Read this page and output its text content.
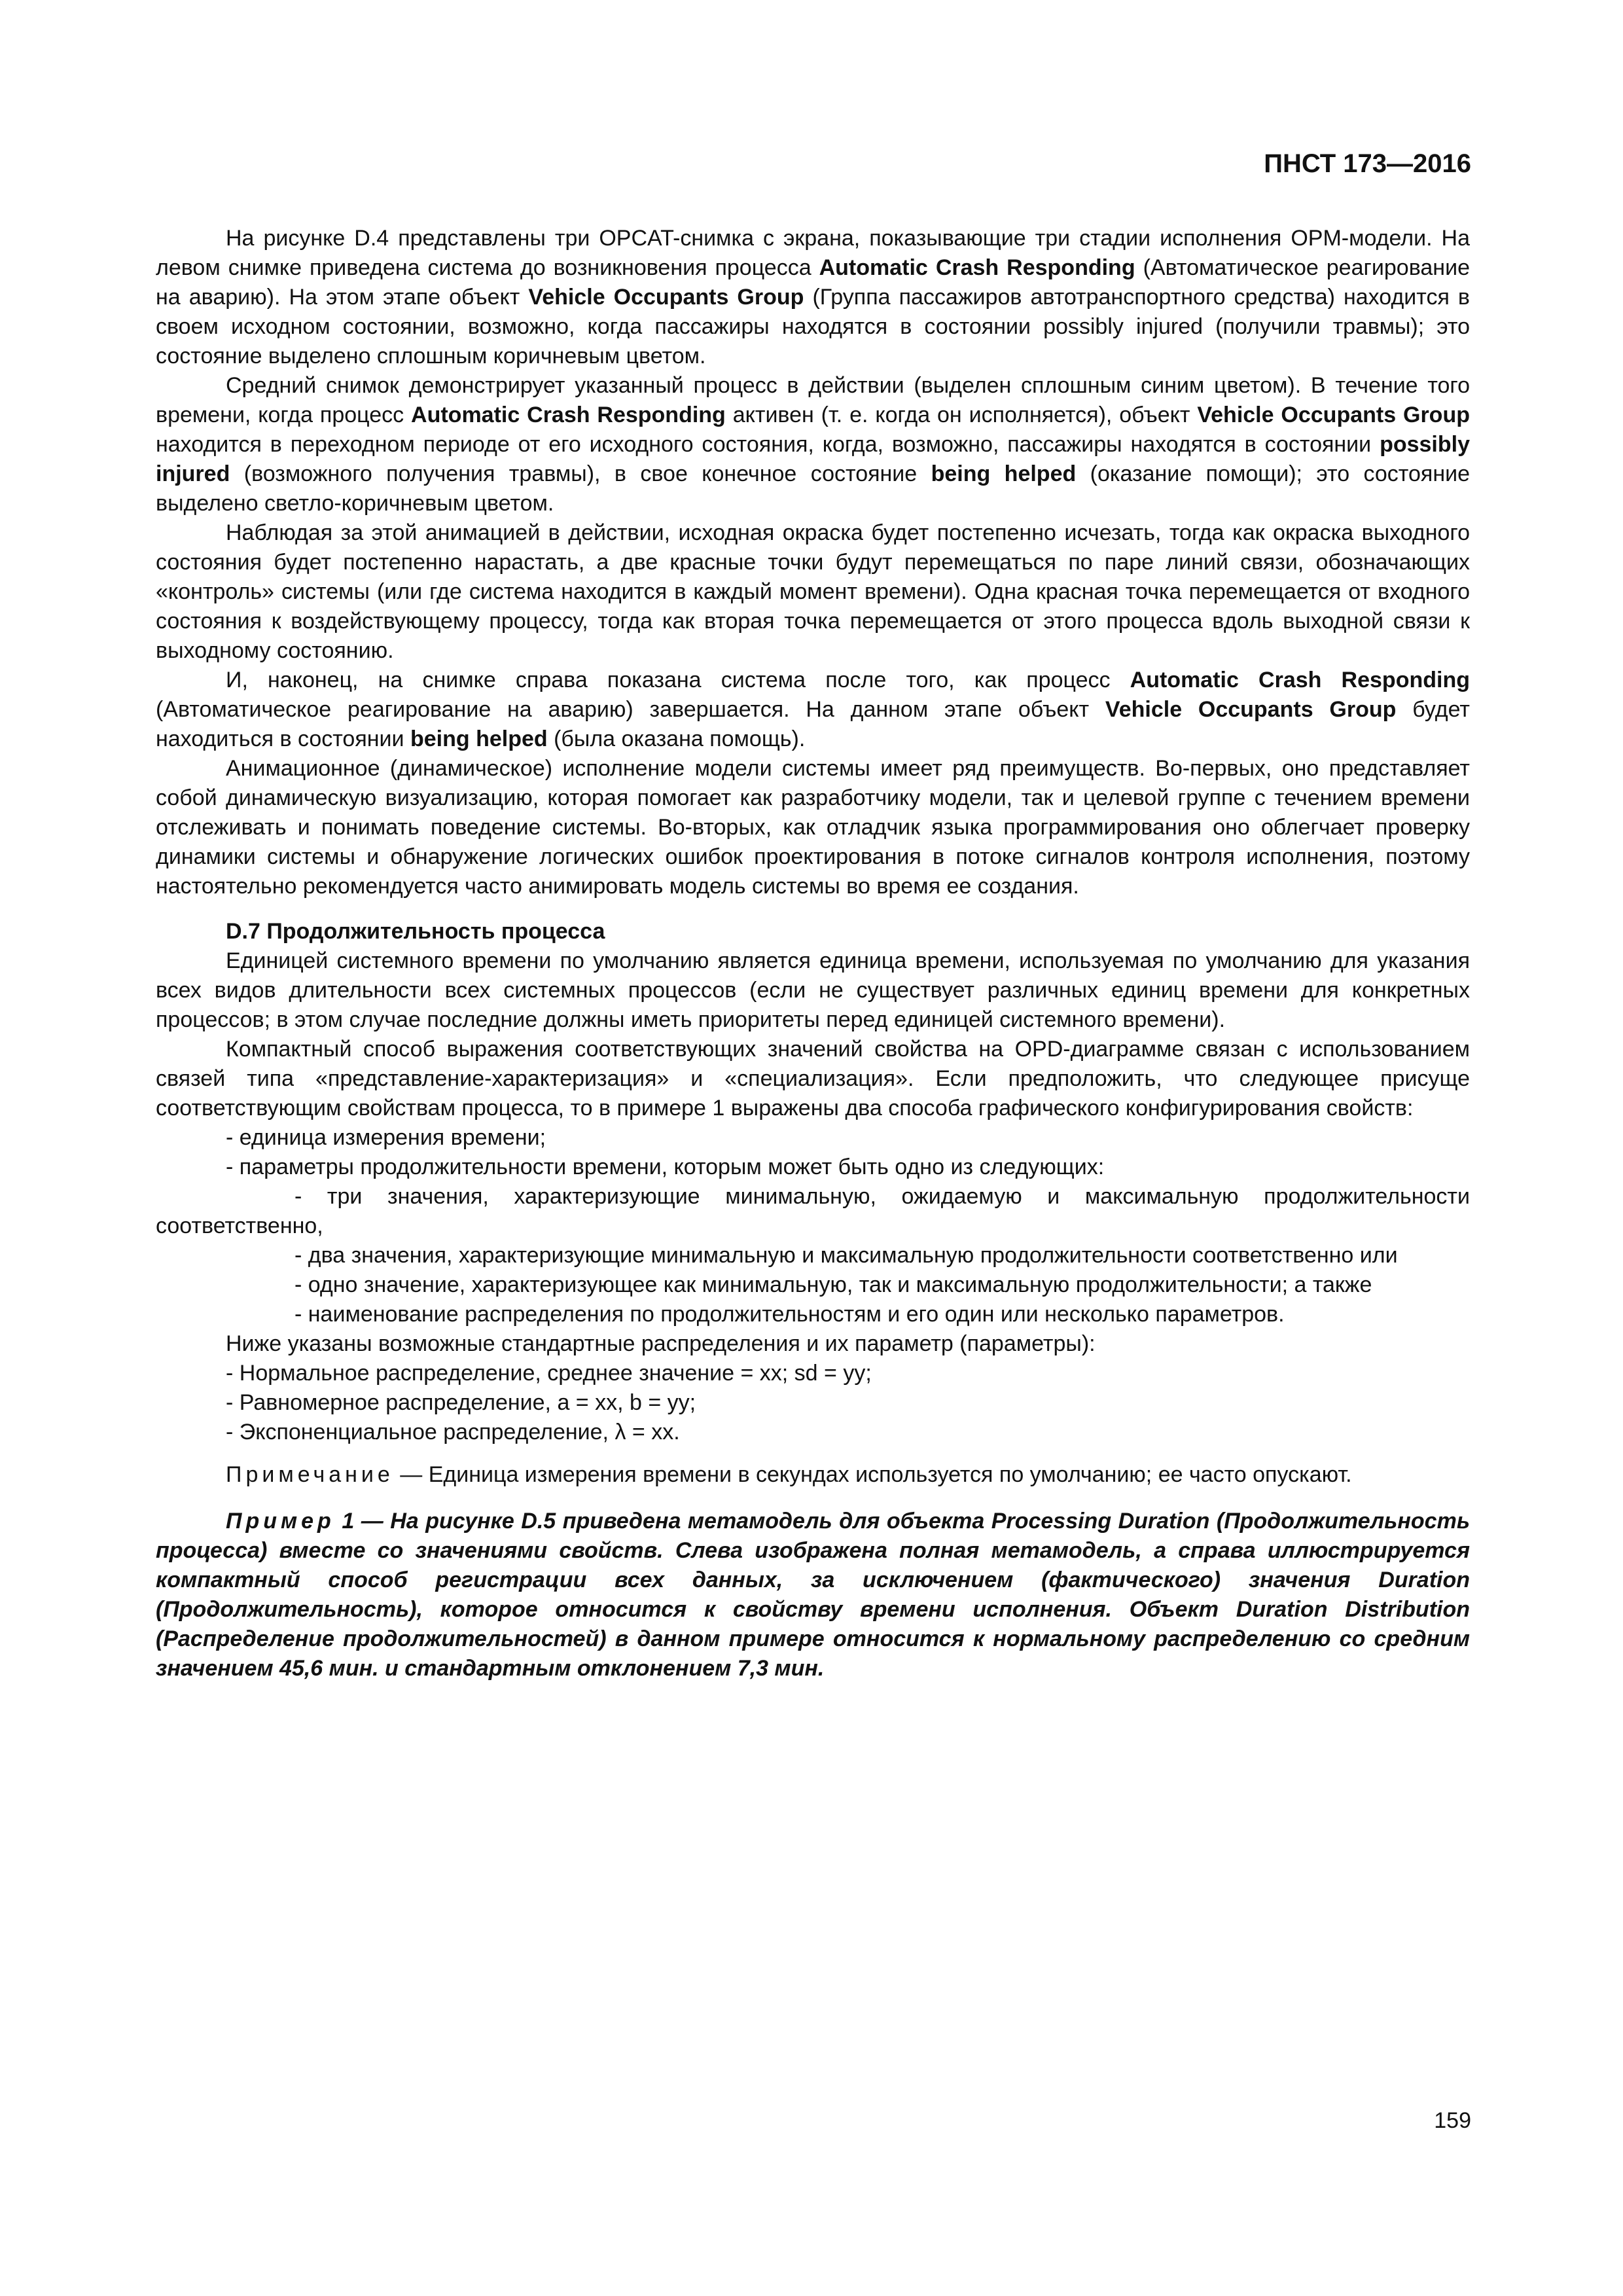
ПНСТ 173—2016

На рисунке D.4 представлены три OPCAT-снимка с экрана, показывающие три стадии исполнения OPM-модели. На левом снимке приведена система до возникновения процесса Automatic Crash Responding (Автоматическое реагирование на аварию). На этом этапе объект Vehicle Occupants Group (Группа пассажиров автотранспортного средства) находится в своем исходном состоянии, возможно, когда пассажиры находятся в состоянии possibly injured (получили травмы); это состояние выделено сплошным коричневым цветом.

Средний снимок демонстрирует указанный процесс в действии (выделен сплошным синим цветом). В течение того времени, когда процесс Automatic Crash Responding активен (т. е. когда он исполняется), объект Vehicle Occupants Group находится в переходном периоде от его исходного состояния, когда, возможно, пассажиры находятся в состоянии possibly injured (возможного получения травмы), в свое конечное состояние being helped (оказание помощи); это состояние выделено светло-коричневым цветом.

Наблюдая за этой анимацией в действии, исходная окраска будет постепенно исчезать, тогда как окраска выходного состояния будет постепенно нарастать, а две красные точки будут перемещаться по паре линий связи, обозначающих «контроль» системы (или где система находится в каждый момент времени). Одна красная точка перемещается от входного состояния к воздействующему процессу, тогда как вторая точка перемещается от этого процесса вдоль выходной связи к выходному состоянию.

И, наконец, на снимке справа показана система после того, как процесс Automatic Crash Responding (Автоматическое реагирование на аварию) завершается. На данном этапе объект Vehicle Occupants Group будет находиться в состоянии being helped (была оказана помощь).

Анимационное (динамическое) исполнение модели системы имеет ряд преимуществ. Во-первых, оно представляет собой динамическую визуализацию, которая помогает как разработчику модели, так и целевой группе с течением времени отслеживать и понимать поведение системы. Во-вторых, как отладчик языка программирования оно облегчает проверку динамики системы и обнаружение логических ошибок проектирования в потоке сигналов контроля исполнения, поэтому настоятельно рекомендуется часто анимировать модель системы во время ее создания.

D.7 Продолжительность процесса

Единицей системного времени по умолчанию является единица времени, используемая по умолчанию для указания всех видов длительности всех системных процессов (если не существует различных единиц времени для конкретных процессов; в этом случае последние должны иметь приоритеты перед единицей системного времени).

Компактный способ выражения соответствующих значений свойства на OPD-диаграмме связан с использованием связей типа «представление-характеризация» и «специализация». Если предположить, что следующее присуще соответствующим свойствам процесса, то в примере 1 выражены два способа графического конфигурирования свойств:

- единица измерения времени;

- параметры продолжительности времени, которым может быть одно из следующих:

- три значения, характеризующие минимальную, ожидаемую и максимальную продолжительности соответственно,

- два значения, характеризующие минимальную и максимальную продолжительности соответственно или

- одно значение, характеризующее как минимальную, так и максимальную продолжительности; а также

- наименование распределения по продолжительностям и его один или несколько параметров.

Ниже указаны возможные стандартные распределения и их параметр (параметры):

- Нормальное распределение, среднее значение = xx; sd = yy;

- Равномерное распределение, a = xx, b = yy;

- Экспоненциальное распределение, λ = xx.

Примечание — Единица измерения времени в секундах используется по умолчанию; ее часто опускают.

Пример 1 — На рисунке D.5 приведена метамодель для объекта Processing Duration (Продолжительность процесса) вместе со значениями свойств. Слева изображена полная метамодель, а справа иллюстрируется компактный способ регистрации всех данных, за исключением (фактического) значения Duration (Продолжительность), которое относится к свойству времени исполнения. Объект Duration Distribution (Распределение продолжительностей) в данном примере относится к нормальному распределению со средним значением 45,6 мин. и стандартным отклонением 7,3 мин.

159
